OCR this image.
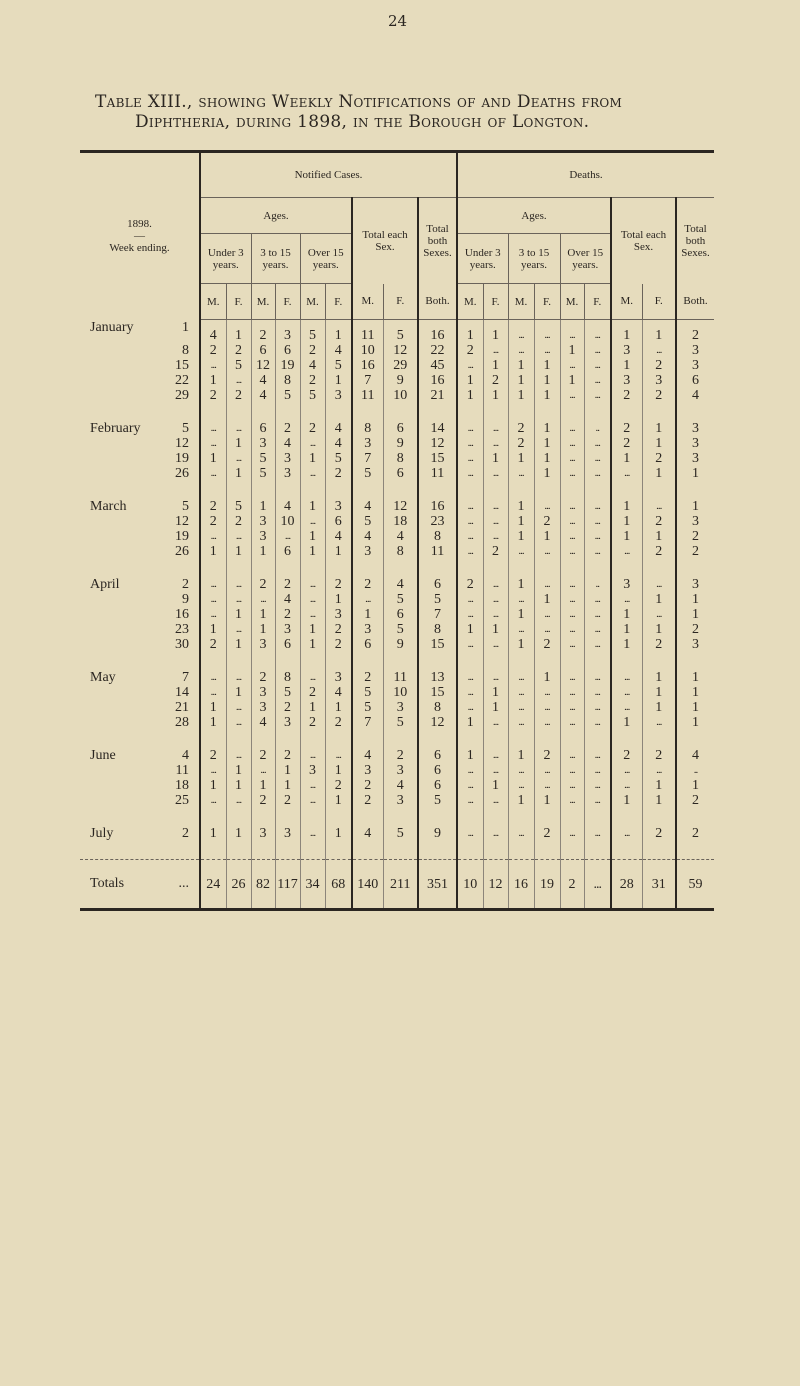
24
Table XIII., showing Weekly Notifications of and Deaths from
Diphtheria, during 1898, in the Borough of Longton.
1898.
—
Week ending.	Notified Cases.									Deaths.								
	Ages.						Total each Sex.		Total both Sexes.	Ages.						Total each Sex.		Total both Sexes.
	Under 3 years.		3 to 15 years.		Over 15 years.					Under 3 years.		3 to 15 years.		Over 15 years.				
	M.	F.	M.	F.	M.	F.	M.	F.	Both.	M.	F.	M.	F.	M.	F.	M.	F.	Both.

January 1	4	1	2	3	5	1	11	5	16	1	1	...	...	...	...	1	1	2

8	2	2	6	6	2	4	10	12	22	2	...	...	...	1	...	3	...	3

15	...	5	12	19	4	5	16	29	45	...	1	1	1	...	...	1	2	3

22	1	...	4	8	2	1	7	9	16	1	2	1	1	1	...	3	3	6

29	2	2	4	5	5	3	11	10	21	1	1	1	1	...	...	2	2	4

February 5	...	...	6	2	2	4	8	6	14	...	...	2	1	...	..	2	1	3

12	...	1	3	4	...	4	3	9	12	...	...	2	1	...	...	2	1	3

19	1	...	5	3	1	5	7	8	15	...	1	1	1	...	...	1	2	3

26	...	1	5	3	...	2	5	6	11	...	...	...	1	...	...	...	1	1

March 5	2	5	1	4	1	3	4	12	16	...	...	1	...	...	...	1	...	1

12	2	2	3	10	...	6	5	18	23	...	...	1	2	...	...	1	2	3

19	...	...	3	...	1	4	4	4	8	...	...	1	1	...	...	1	1	2

26	1	1	1	6	1	1	3	8	11	...	2	...	...	...	...	...	2	2

April 2	...	...	2	2	...	2	2	4	6	2	...	1	...	...	..	3	...	3

9	...	...	...	4	...	1	...	5	5	...	...	...	1	...	...	...	1	1

16	...	1	1	2	...	3	1	6	7	...	...	1	...	...	...	1	...	1

23	1	...	1	3	1	2	3	5	8	1	1	...	...	...	...	1	1	2

30	2	1	3	6	1	2	6	9	15	...	...	1	2	...	...	1	2	3

May 7	...	...	2	8	...	3	2	11	13	...	...	...	1	...	...	...	1	1

14	...	1	3	5	2	4	5	10	15	...	1	...	...	...	...	...	1	1

21	1	...	3	2	1	1	5	3	8	...	1	...	...	...	...	...	1	1

28	1	...	4	3	2	2	7	5	12	1	...	...	...	...	...	1	...	1

June 4	2	...	2	2	...	...	4	2	6	1	...	1	2	...	...	2	2	4

11	...	1	...	1	3	1	3	3	6	...	...	...	...	...	...	...	...	..

18	1	1	1	1	...	2	2	4	6	...	1	...	...	...	...	...	1	1

25	...	...	2	2	...	1	2	3	5	...	...	1	1	...	...	1	1	2

July 2	1	1	3	3	...	1	4	5	9	...	...	...	2	...	...	...	2	2

Totals ...	24	26	82	117	34	68	140	211	351	10	12	16	19	2	...	28	31	59
